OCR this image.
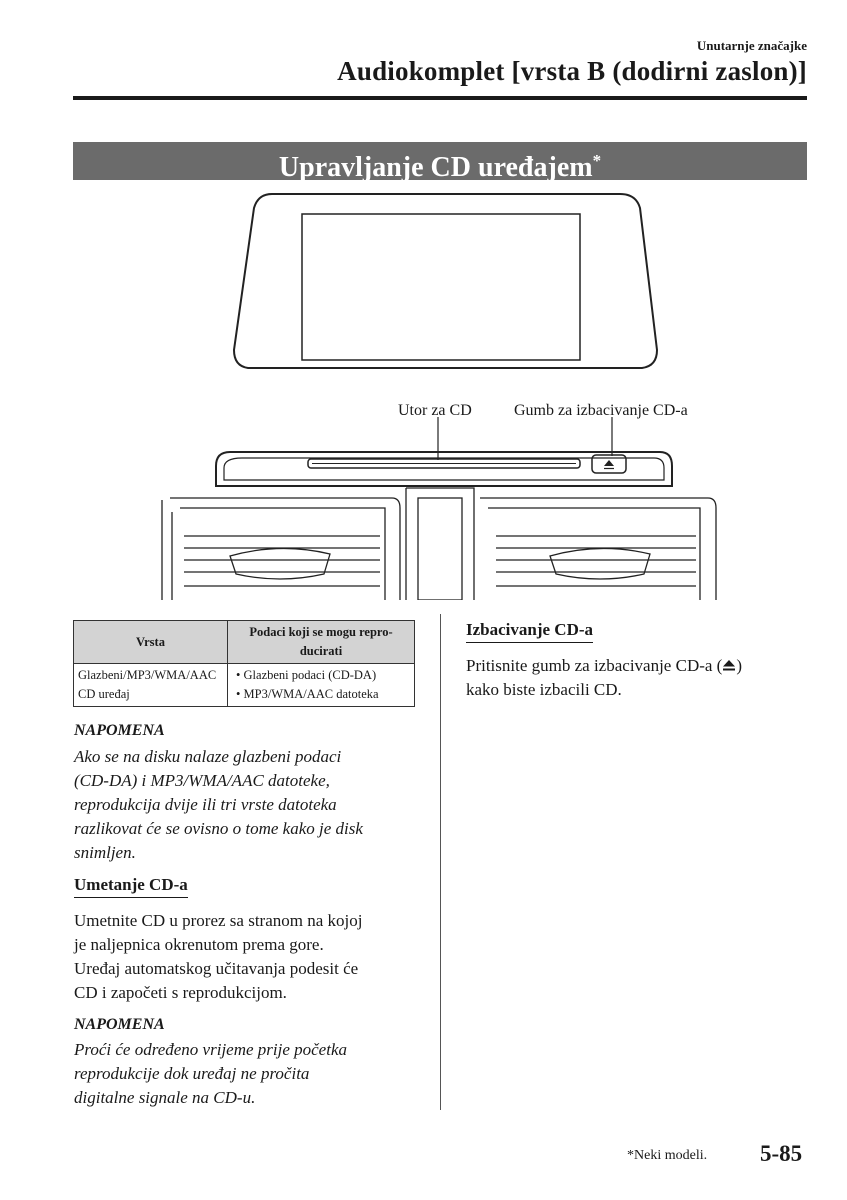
Unutarnje značajke
Audiokomplet [vrsta B (dodirni zaslon)]
Upravljanje CD uređajem*
Utor za CD	Gumb za izbacivanje CD-a
Vrsta	Podaci koji se mogu repro-ducirati
Glazbeni/MP3/WMA/AAC CD uređaj	• Glazbeni podaci (CD-DA)
• MP3/WMA/AAC datoteka
NAPOMENA
Ako se na disku nalaze glazbeni podaci
(CD-DA) i MP3/WMA/AAC datoteke,
reprodukcija dvije ili tri vrste datoteka
razlikovat će se ovisno o tome kako je disk
snimljen.
Umetanje CD-a
Umetnite CD u prorez sa stranom na kojoj
je naljepnica okrenutom prema gore.
Uređaj automatskog učitavanja podesit će
CD i započeti s reprodukcijom.
NAPOMENA
Proći će određeno vrijeme prije početka
reprodukcije dok uređaj ne pročita
digitalne signale na CD-u.
Izbacivanje CD-a
Pritisnite gumb za izbacivanje CD-a ( )
kako biste izbacili CD.
*Neki modeli. 5-85
